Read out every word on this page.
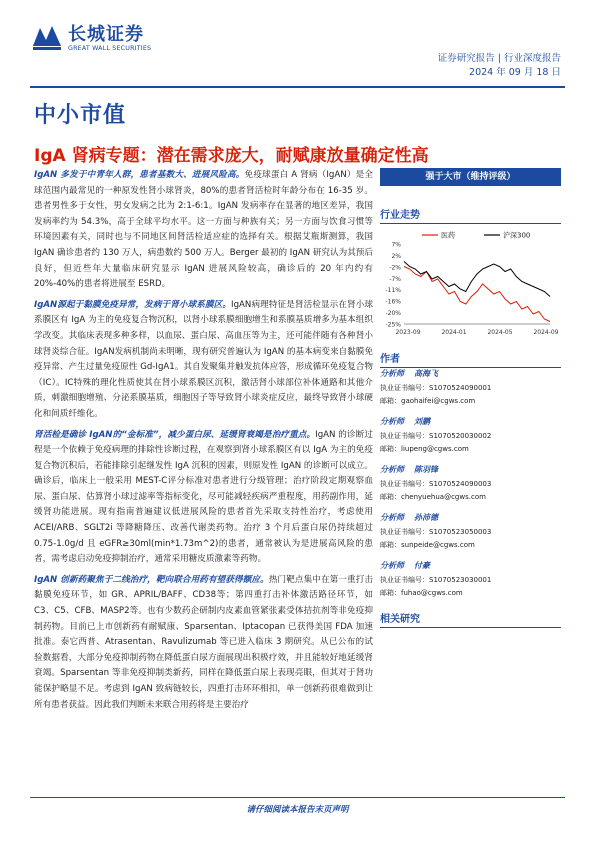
长城证券
GREAT WALL SECURITIES
证券研究报告 | 行业深度报告
2024 年 09 月 18 日
中小市值
IgA 肾病专题：潜在需求庞大，耐赋康放量确定性高

IgAN 多发于中青年人群，患者基数大、进展风险高。免疫球蛋白 A 肾病（IgAN）是全球范围内最常见的一种原发性肾小球肾炎，80%的患者肾活检时年龄分布在 16-35 岁。患者男性多于女性，男女发病之比为 2:1-6:1。IgAN 发病率存在显著的地区差异，我国发病率约为 54.3%，高于全球平均水平。这一方面与种族有关；另一方面与饮食习惯等环境因素有关，同时也与不同地区间肾活检适应症的选择有关。根据艾瓶斯测算，我国 IgAN 确诊患者约 130 万人，病患数约 500 万人。Berger 最初的 IgAN 研究认为其预后良好，但近些年大量临床研究显示 IgAN 进展风险较高，确诊后的 20 年内约有 20%-40%的患者将进展至 ESRD。

IgAN源起于黏膜免疫异常，发病于肾小球系膜区。IgAN病理特征是肾活检显示在肾小球系膜区有 IgA 为主的免疫复合物沉积，以肾小球系膜细胞增生和系膜基质增多为基本组织学改变。其临床表现多种多样，以血尿、蛋白尿、高血压等为主，还可能伴随有各种肾小球肾炎综合征。IgAN发病机制尚未明晰，现有研究普遍认为 IgAN 的基本病变来自黏膜免疫异常、产生过量免疫原性 Gd-IgA1。其自发聚集并触发抗体应答，形成循环免疫复合物（IC）。IC特殊的理化性质使其在肾小球系膜区沉积，激活肾小球部位补体通路和其他介质，刺激细胞增殖、分泌系膜基质，细胞因子等导致肾小球炎症反应，最终导致肾小球硬化和间质纤维化。

肾活检是确诊 IgAN的“金标准”，减少蛋白尿、延缓肾衰竭是治疗重点。IgAN 的诊断过程是一个依赖于免疫病理的排除性诊断过程，在观察到肾小球系膜区有以 IgA 为主的免疫复合物沉积后，若能排除引起继发性 IgA 沉积的因素，则原发性 IgAN 的诊断可以成立。确诊后，临床上一般采用 MEST-C评分标准对患者进行分级管理；治疗阶段定期观察血尿、蛋白尿、估算肾小球过滤率等指标变化，尽可能减轻疾病严重程度，用药副作用，延缓肾功能进展。现有指南普遍建议低进展风险的患者首先采取支持性治疗，考虑使用 ACEI/ARB、SGLT2i 等降糖降压、改善代谢类药物。治疗 3 个月后蛋白尿仍持续超过 0.75-1.0g/d 且 eGFR≥30ml(min*1.73m^2)的患者，通常被认为是进展高风险的患者，需考虑启动免疫抑制治疗，通常采用糖皮质激素等药物。

IgAN 创新药聚焦于二线治疗，靶向联合用药有望获得额应。热门靶点集中在第一重打击黏膜免疫环节，如 GR、APRIL/BAFF、CD38等；第四重打击补体激活路径环节，如 C3、C5、CFB、MASP2等。也有少数药企研制内皮素血管紧张素受体拮抗剂等非免疫抑制药物。目前已上市创新药有耐赋康、Sparsentan、Iptacopan 已获得美国 FDA 加速批准。泰它西普、Atrasentan、Ravulizumab 等已进入临床 3 期研究。从已公布的试验数据看，大部分免疫抑制药物在降低蛋白尿方面展现出积极疗效，并且能较好地延缓肾衰竭。Sparsentan 等非免疫抑制类新药，同样在降低蛋白尿上表现亮眼，但其对于肾功能保护略显不足。考虑到 IgAN 致病链较长，四重打击环环相扣，单一创新药很难做到让所有患者获益。因此我们判断未来联合用药将是主要治疗

强于大市（维持评级）
行业走势
7%
2%
-2%
-7%
-11%
-16%
-20%
-25%
2023-09	2024-01	2024-05	2024-09
医药	沪深300
作者
分析师 高海飞
执业证书编号：S1070524090001
邮箱：gaohaifei@cgws.com
分析师 刘鹏
执业证书编号：S1070520030002
邮箱：liupeng@cgws.com
分析师 陈羽锋
执业证书编号：S1070524090003
邮箱：chenyuehua@cgws.com
分析师 孙沛德
执业证书编号：S1070523050003
邮箱：sunpeide@cgws.com
分析师 付豪
执业证书编号：S1070523030001
邮箱：fuhao@cgws.com
相关研究
请仔细阅读本报告末页声明
